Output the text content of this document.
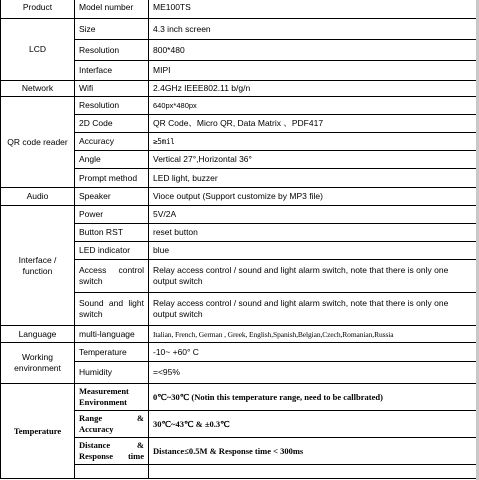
Product	Model number	ME100TS
LCD	Size	4.3 inch screen
	Resolution	800*480
	Interface	MIPI
Network	Wifi	2.4GHz IEEE802.11 b/g/n
QR code reader	Resolution	640px*480px
	2D Code	QR Code、Micro QR, Data Matrix 、PDF417
	Accuracy	≥5mil
	Angle	Vertical 27°,Horizontal 36°
	Prompt method	LED light, buzzer
Audio	Speaker	Vioce output (Support customize by MP3 file)
Interface / function	Power	5V/2A
	Button RST	reset button
	LED indicator	blue
	Access control switch	Relay access control / sound and light alarm switch, note that there is only one output switch
	Sound and light switch	Relay access control / sound and light alarm switch, note that there is only one output switch
Language	multi-language	Italian, French, German , Greek, English,Spanish,Belgian,Czech,Romanian,Russia
Working environment	Temperature	-10~ +60° C
	Humidity	=<95%
Temperature	Measurement Environment	0℃~30℃ (Notin this temperature range, need to be callbrated)
	Range & Accuracy	30℃~43℃ & ±0.3℃
	Distance & Response time	Distance≤0.5M & Response time < 300ms
